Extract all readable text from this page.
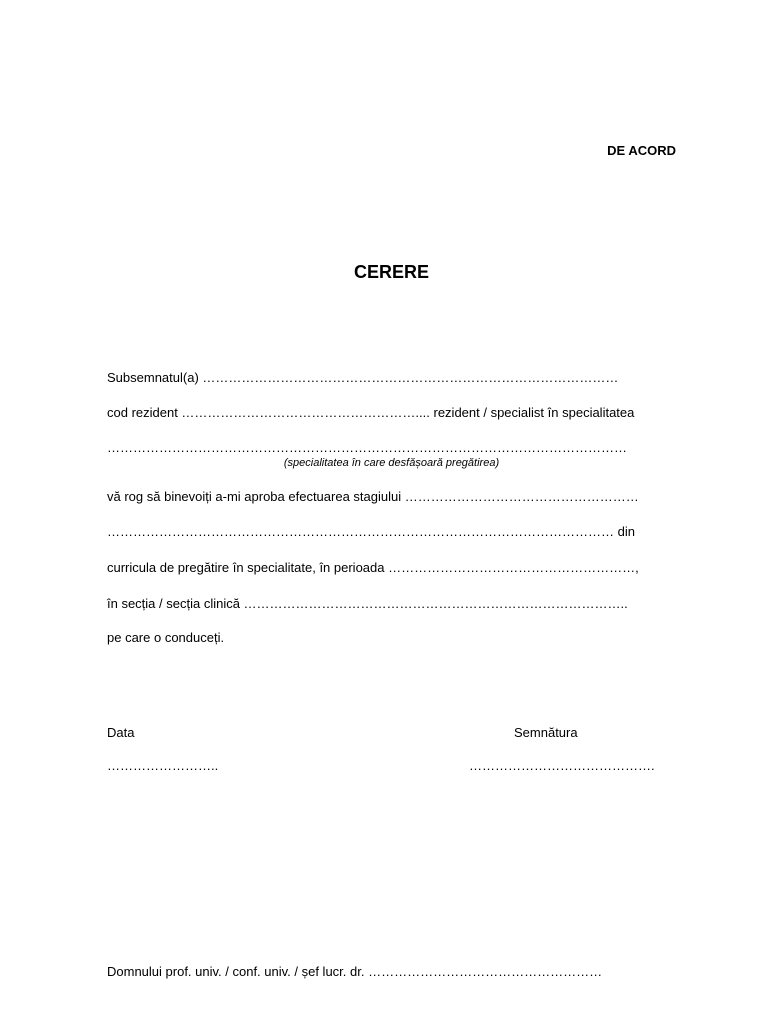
DE ACORD
CERERE
Subsemnatul(a) ……………………………………………………………………………………
cod rezident ……………………………………………….... rezident / specialist în specialitatea
…………………………………………………………………………………………………………
(specialitatea în care desfășoară pregătirea)
vă rog să binevoiți a-mi aproba efectuarea stagiului ………………………………………………
……………………………………………………………………………………………………… din
curricula de pregătire în specialitate, în perioada …………………………………………………,
în secția / secția clinică ……………………………………………………………………………..
pe care o conduceți.
Data
……………………..
Semnătura
…………………………………….
Domnului prof. univ. / conf. univ. / șef lucr. dr. ………………………………………………
